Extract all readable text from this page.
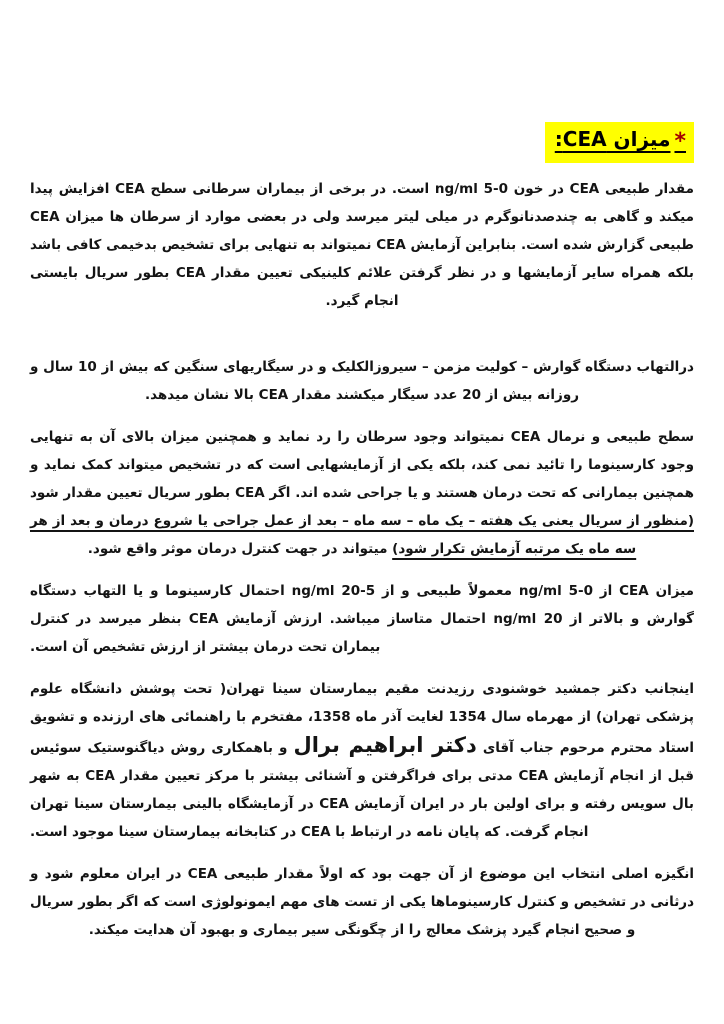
*میزان CEA:

مقدار طبیعی CEA در خون 0-5 ng/ml است. در برخی از بیماران سرطانی سطح CEA افزایش پیدا میکند و گاهی به چندصدنانوگرم در میلی لیتر میرسد ولی در بعضی موارد از سرطان ها میزان CEA طبیعی گزارش شده است. بنابراین آزمایش CEA نمیتواند به تنهایی برای تشخیص بدخیمی کافی باشد بلکه همراه سایر آزمایشها و در نظر گرفتن علائم کلینیکی تعیین مقدار CEA بطور سریال بایستی انجام گیرد.

درالتهاب دستگاه گوارش – کولیت مزمن – سیروزالکلیک و در سیگاریهای سنگین که بیش از 10 سال و روزانه بیش از 20 عدد سیگار میکشند مقدار CEA بالا نشان میدهد.

سطح طبیعی و نرمال CEA نمیتواند وجود سرطان را رد نماید و همچنین میزان بالای آن به تنهایی وجود کارسینوما را تائید نمی کند، بلکه یکی از آزمایشهایی است که در تشخیص میتواند کمک نماید و همچنین بیمارانی که تحت درمان هستند و یا جراحی شده اند. اگر CEA بطور سریال تعیین مقدار شود (منظور از سریال یعنی یک هفته – یک ماه – سه ماه – بعد از عمل جراحی یا شروع درمان و بعد از هر سه ماه یک مرتبه آزمایش تکرار شود) میتواند در جهت کنترل درمان موثر واقع شود.

میزان CEA از 0-5 ng/ml معمولاً طبیعی و از 5-20 ng/ml احتمال کارسینوما و یا التهاب دستگاه گوارش و بالاتر از 20 ng/ml احتمال متاساز میباشد. ارزش آزمایش CEA بنظر میرسد در کنترل بیماران تحت درمان بیشتر از ارزش تشخیص آن است.

اینجانب دکتر جمشید خوشنودی رزیدنت مقیم بیمارستان سینا تهران( تحت پوشش دانشگاه علوم پزشکی تهران) از مهرماه سال 1354 لغایت آذر ماه 1358، مفتخرم با راهنمائی های ارزنده و تشویق استاد محترم مرحوم جناب آقای دکتر ابراهیم برال و باهمکاری روش دیاگنوستیک سوئیس قبل از انجام آزمایش CEA مدتی برای فراگرفتن و آشنائی بیشتر با مرکز تعیین مقدار CEA به شهر بال سویس رفته و برای اولین بار در ایران آزمایش CEA در آزمایشگاه بالینی بیمارستان سینا تهران انجام گرفت. که پایان نامه در ارتباط با CEA در کتابخانه بیمارستان سینا موجود است.

انگیزه اصلی انتخاب این موضوع از آن جهت بود که اولاً مقدار طبیعی CEA در ایران معلوم شود و درثانی در تشخیص و کنترل کارسینوماها یکی از تست های مهم ایمونولوژی است که اگر بطور سریال و صحیح انجام گیرد پزشک معالج را از چگونگی سیر بیماری و بهبود آن هدایت میکند.
